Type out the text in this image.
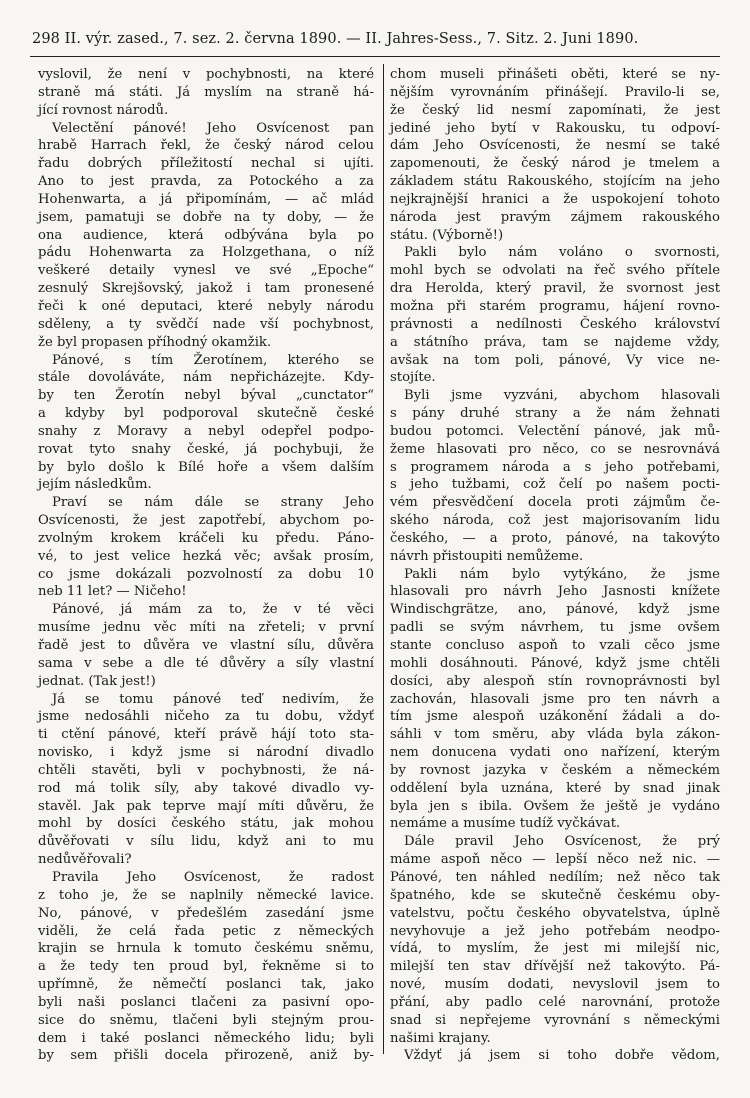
298 II. výr. zased., 7. sez. 2. června 1890. — II. Jahres-Sess., 7. Sitz. 2. Juni 1890.
vyslovil, že není v pochybnosti, na které
straně má státi. Já myslím na straně há-
jící rovnost národů.
Velectění pánové! Jeho Osvícenost pan
hrabě Harrach řekl, že český národ celou
řadu dobrých příležitostí nechal si ujíti.
Ano to jest pravda, za Potockého a za
Hohenwarta, a já připomínám, — ač mlád
jsem, pamatuji se dobře na ty doby, — že
ona audience, která odbývána byla po
pádu Hohenwarta za Holzgethana, o níž
veškeré detaily vynesl ve své „Epoche“
zesnulý Skrejšovský, jakož i tam pronesené
řeči k oné deputaci, které nebyly národu
sděleny, a ty svědčí nade vší pochybnost,
že byl propasen příhodný okamžik.
Pánové, s tím Žerotínem, kterého se
stále dovoláváte, nám nepřicházejte. Kdy-
by ten Žerotín nebyl býval „cunctator“
a kdyby byl podporoval skutečně české
snahy z Moravy a nebyl odepřel podpo-
rovat tyto snahy české, já pochybuji, že
by bylo došlo k Bílé hoře a všem dalším
jejím následkům.
Praví se nám dále se strany Jeho
Osvícenosti, že jest zapotřebí, abychom po-
zvolným krokem kráčeli ku předu. Páno-
vé, to jest velice hezká věc; avšak prosím,
co jsme dokázali pozvolností za dobu 10
neb 11 let? — Ničeho!
Pánové, já mám za to, že v té věci
musíme jednu věc míti na zřeteli; v první
řadě jest to důvěra ve vlastní sílu, důvěra
sama v sebe a dle té důvěry a síly vlastní
jednat. (Tak jest!)
Já se tomu pánové teď nedivím, že
jsme nedosáhli ničeho za tu dobu, vždyť
ti ctění pánové, kteří právě hájí toto sta-
novisko, i když jsme si národní divadlo
chtěli stavěti, byli v pochybnosti, že ná-
rod má tolik síly, aby takové divadlo vy-
stavěl. Jak pak teprve mají míti důvěru, že
mohl by dosíci českého státu, jak mohou
důvěřovati v sílu lidu, když ani to mu
nedůvěřovali?
Pravila Jeho Osvícenost, že radost
z toho je, že se naplnily německé lavice.
No, pánové, v předešlém zasedání jsme
viděli, že celá řada petic z německých
krajin se hrnula k tomuto českému sněmu,
a že tedy ten proud byl, řekněme si to
upřímně, že němečtí poslanci tak, jako
byli naši poslanci tlačeni za pasivní opo-
sice do sněmu, tlačeni byli stejným prou-
dem i také poslanci německého lidu; byli
by sem přišli docela přirozeně, aniž by-
chom museli přinášeti oběti, které se ny-
nějším vyrovnáním přinášejí. Pravilo-li se,
že český lid nesmí zapomínati, že jest
jediné jeho bytí v Rakousku, tu odpoví-
dám Jeho Osvícenosti, že nesmí se také
zapomenouti, že český národ je tmelem a
základem státu Rakouského, stojícím na jeho
nejkrajnější hranici a že uspokojení tohoto
národa jest pravým zájmem rakouského
státu. (Výborně!)
Pakli bylo nám voláno o svornosti,
mohl bych se odvolati na řeč svého přítele
dra Herolda, který pravil, že svornost jest
možna při starém programu, hájení rovno-
právnosti a nedílnosti Českého království
a státního práva, tam se najdeme vždy,
avšak na tom poli, pánové, Vy vice ne-
stojíte.
Byli jsme vyzváni, abychom hlasovali
s pány druhé strany a že nám žehnati
budou potomci. Velectění pánové, jak mů-
žeme hlasovati pro něco, co se nesrovnává
s programem národa a s jeho potřebami,
s jeho tužbami, což čelí po našem pocti-
vém přesvědčení docela proti zájmům če-
ského národa, což jest majorisovaním lidu
českého, — a proto, pánové, na takovýto
návrh přistoupiti nemůžeme.
Pakli nám bylo vytýkáno, že jsme
hlasovali pro návrh Jeho Jasnosti knížete
Windischgrätze, ano, pánové, když jsme
padli se svým návrhem, tu jsme ovšem
stante concluso aspoň to vzali cěco jsme
mohli dosáhnouti. Pánové, když jsme chtěli
dosíci, aby alespoň stín rovnoprávnosti byl
zachován, hlasovali jsme pro ten návrh a
tím jsme alespoň uzákonění žádali a do-
sáhli v tom směru, aby vláda byla zákon-
nem donucena vydati ono nařízení, kterým
by rovnost jazyka v českém a německém
oddělení byla uznána, které by snad jinak
byla jen s ibila. Ovšem že ještě je vydáno
nemáme a musíme tudíž vyčkávat.
Dále pravil Jeho Osvícenost, že prý
máme aspoň něco — lepší něco než nic. —
Pánové, ten náhled nedílím; než něco tak
špatného, kde se skutečně českému oby-
vatelstvu, počtu českého obyvatelstva, úplně
nevyhovuje a jež jeho potřebám neodpo-
vídá, to myslím, že jest mi milejší nic,
milejší ten stav dřívější než takovýto. Pá-
nové, musím dodati, nevyslovil jsem to
přání, aby padlo celé narovnání, protože
snad si nepřejeme vyrovnání s německými
našimi krajany.
Vždyť já jsem si toho dobře vědom,
